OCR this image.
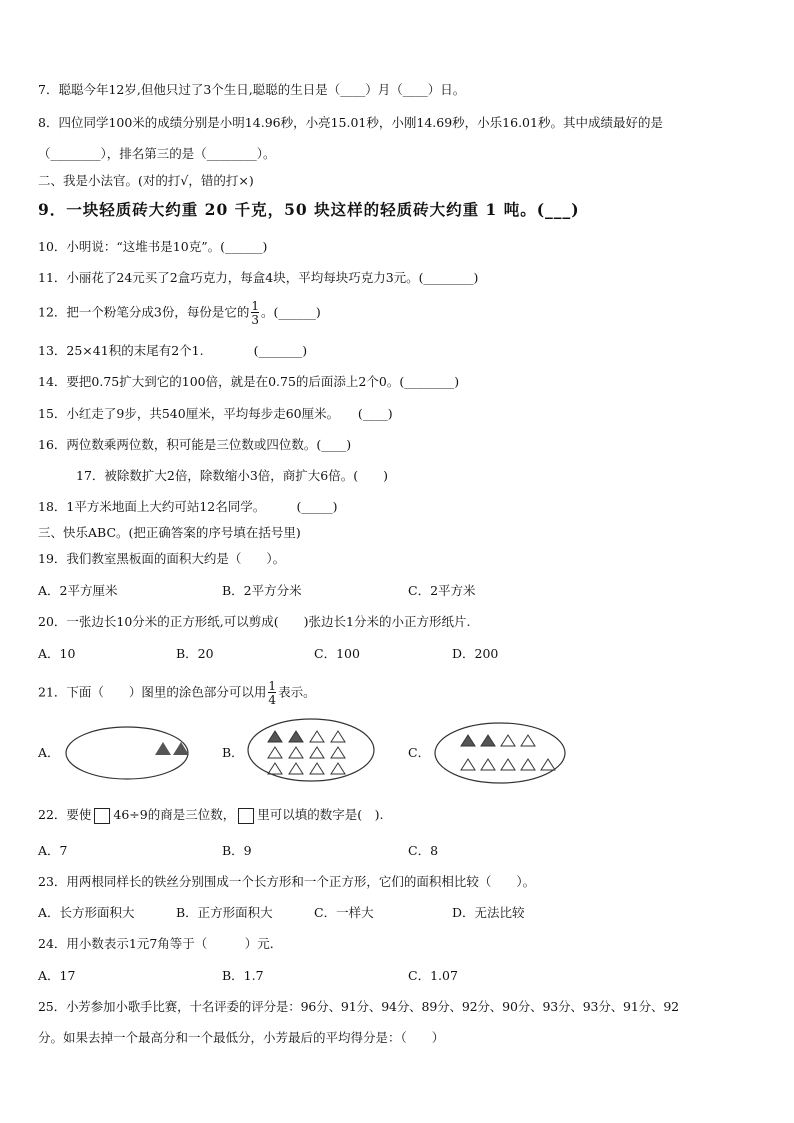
7．聪聪今年12岁,但他只过了3个生日,聪聪的生日是（____）月（____）日。
8．四位同学100米的成绩分别是小明14.96秒，小亮15.01秒，小刚14.69秒，小乐16.01秒。其中成绩最好的是
（________），排名第三的是（________）。
二、我是小法官。(对的打√，错的打×)
9．一块轻质砖大约重 20 千克，50 块这样的轻质砖大约重 1 吨。(___)
10．小明说：“这堆书是10克”。(______)
11．小丽花了24元买了2盒巧克力，每盒4块，平均每块巧克力3元。(________)
12．把一个粉笔分成3份，每份是它的 $\frac{1}{3}$ 。(______)
13．25×41积的末尾有2个1.　　　　(_______)
14．要把0.75扩大到它的100倍，就是在0.75的后面添上2个0。(________)
15．小红走了9步，共540厘米，平均每步走60厘米。　　(____)
16．两位数乘两位数，积可能是三位数或四位数。(____)
17．被除数扩大2倍，除数缩小3倍，商扩大6倍。(　　)
18．1平方米地面上大约可站12名同学。　　　(_____)
三、快乐ABC。(把正确答案的序号填在括号里)
19．我们教室黑板面的面积大约是（　　）。
A．2平方厘米	B．2平方分米	C．2平方米
20．一张边长10分米的正方形纸,可以剪成(　　)张边长1分米的小正方形纸片.
A．10	B．20	C．100	D．200
21．下面（　　）图里的涂色部分可以用 $\frac{1}{4}$ 表示。
A．	B．	C．
22．要使 46÷9的商是三位数， 里可以填的数字是(　).
A．7	B．9	C．8
23．用两根同样长的铁丝分别围成一个长方形和一个正方形，它们的面积相比较（　　）。
A．长方形面积大	B．正方形面积大	C．一样大	D．无法比较
24．用小数表示1元7角等于（　　　）元．
A．17	B．1.7	C．1.07
25．小芳参加小歌手比赛，十名评委的评分是：96分、91分、94分、89分、92分、90分、93分、93分、91分、92
分。如果去掉一个最高分和一个最低分，小芳最后的平均得分是：（　　）
